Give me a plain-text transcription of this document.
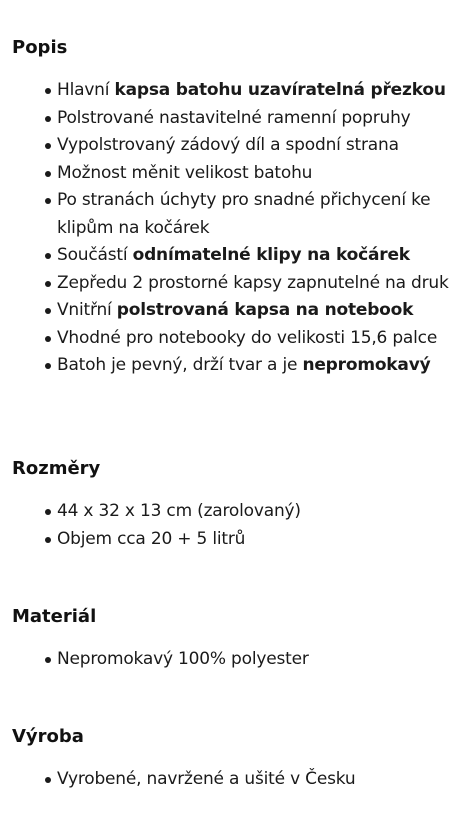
Popis
Hlavní kapsa batohu uzavíratelná přezkou
Polstrované nastavitelné ramenní popruhy
Vypolstrovaný zádový díl a spodní strana
Možnost měnit velikost batohu
Po stranách úchyty pro snadné přichycení ke klipům na kočárek
Součástí odnímatelné klipy na kočárek
Zepředu 2 prostorné kapsy zapnutelné na druk
Vnitřní polstrovaná kapsa na notebook
Vhodné pro notebooky do velikosti 15,6 palce
Batoh je pevný, drží tvar a je nepromokavý
Rozměry
44 x 32 x 13 cm (zarolovaný)
Objem cca 20 + 5 litrů
Materiál
Nepromokavý 100% polyester
Výroba
Vyrobené, navržené a ušité v Česku
